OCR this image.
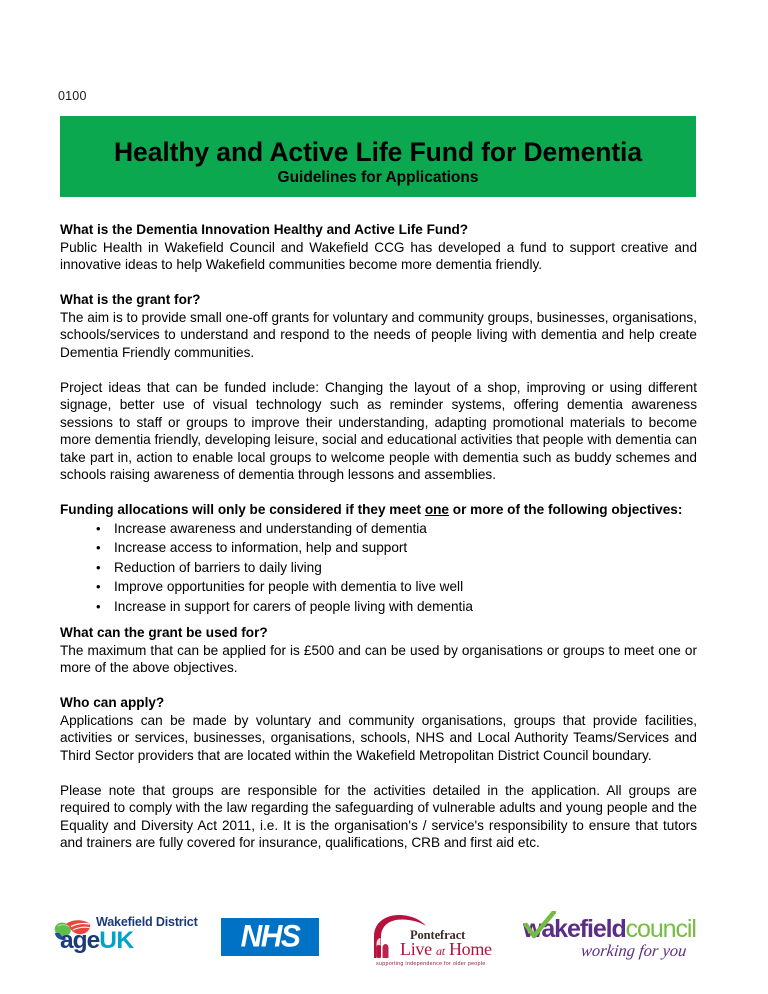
0100
Healthy and Active Life Fund for Dementia
Guidelines for Applications
What is the Dementia Innovation Healthy and Active Life Fund?

Public Health in Wakefield Council and Wakefield CCG has developed a fund to support creative and innovative ideas to help Wakefield communities become more dementia friendly.

What is the grant for?

The aim is to provide small one-off grants for voluntary and community groups, businesses, organisations, schools/services to understand and respond to the needs of people living with dementia and help create Dementia Friendly communities.

Project ideas that can be funded include: Changing the layout of a shop, improving or using different signage, better use of visual technology such as reminder systems, offering dementia awareness sessions to staff or groups to improve their understanding, adapting promotional materials to become more dementia friendly, developing leisure, social and educational activities that people with dementia can take part in, action to enable local groups to welcome people with dementia such as buddy schemes and schools raising awareness of dementia through lessons and assemblies.

Funding allocations will only be considered if they meet one or more of the following objectives:
• Increase awareness and understanding of dementia
• Increase access to information, help and support
• Reduction of barriers to daily living
• Improve opportunities for people with dementia to live well
• Increase in support for carers of people living with dementia
What can the grant be used for?

The maximum that can be applied for is £500 and can be used by organisations or groups to meet one or more of the above objectives.

Who can apply?

Applications can be made by voluntary and community organisations, groups that provide facilities, activities or services, businesses, organisations, schools, NHS and Local Authority Teams/Services and Third Sector providers that are located within the Wakefield Metropolitan District Council boundary.

Please note that groups are responsible for the activities detailed in the application. All groups are required to comply with the law regarding the safeguarding of vulnerable adults and young people and the Equality and Diversity Act 2011, i.e. It is the organisation's / service's responsibility to ensure that tutors and trainers are fully covered for insurance, qualifications, CRB and first aid etc.

Wakefield District
ageUK	NHS	Pontefract
Live at Home
supporting independence for older people
wakefieldcouncil
working for you
